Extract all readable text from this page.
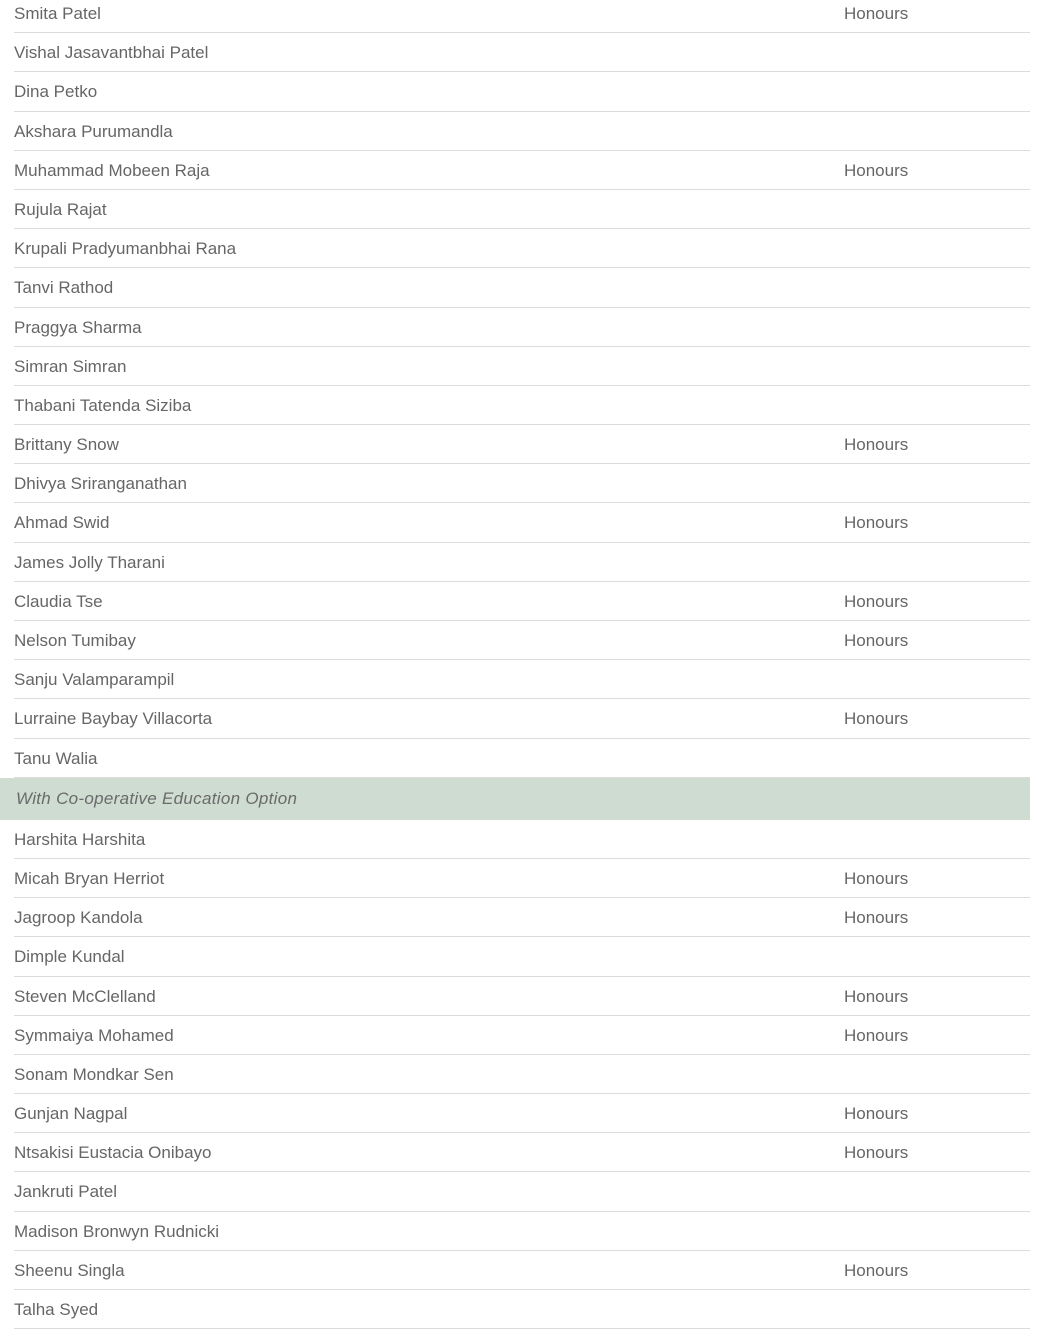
Smita Patel	Honours
Vishal Jasavantbhai Patel
Dina Petko
Akshara Purumandla
Muhammad Mobeen Raja	Honours
Rujula Rajat
Krupali Pradyumanbhai Rana
Tanvi Rathod
Praggya Sharma
Simran Simran
Thabani Tatenda Siziba
Brittany Snow	Honours
Dhivya Sriranganathan
Ahmad Swid	Honours
James Jolly Tharani
Claudia Tse	Honours
Nelson Tumibay	Honours
Sanju Valamparampil
Lurraine Baybay Villacorta	Honours
Tanu Walia
With Co-operative Education Option
Harshita Harshita
Micah Bryan Herriot	Honours
Jagroop Kandola	Honours
Dimple Kundal
Steven McClelland	Honours
Symmaiya Mohamed	Honours
Sonam Mondkar Sen
Gunjan Nagpal	Honours
Ntsakisi Eustacia Onibayo	Honours
Jankruti Patel
Madison Bronwyn Rudnicki
Sheenu Singla	Honours
Talha Syed
